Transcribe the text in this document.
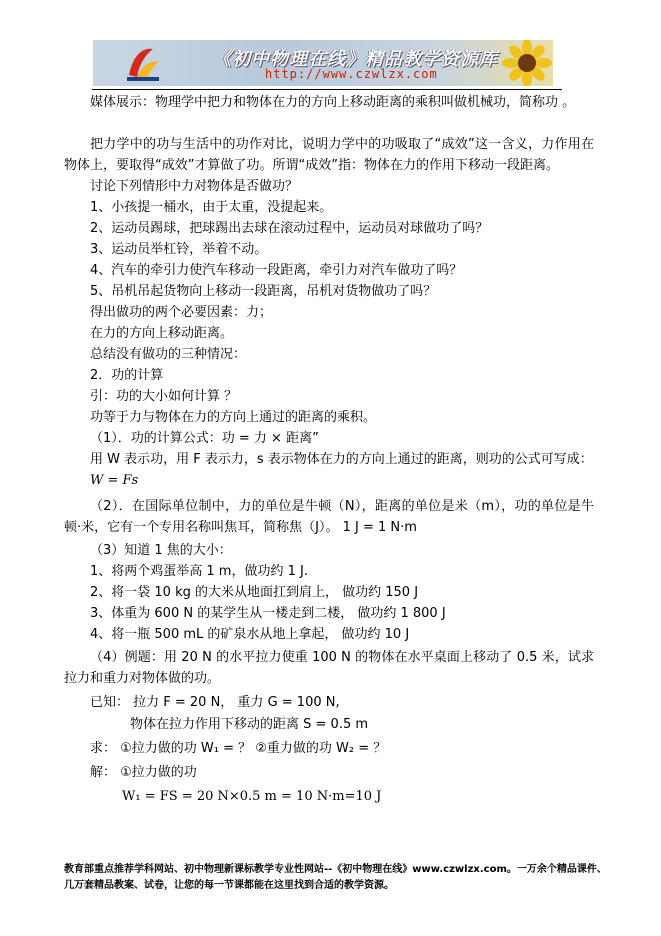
《初中物理在线》精品教学资源库
http://www.czwlzx.com

媒体展示：物理学中把力和物体在力的方向上移动距离的乘积叫做机械功，简称功 。

把力学中的功与生活中的功作对比，说明力学中的功吸取了“成效”这一含义，力作用在物体上，要取得“成效”才算做了功。所谓“成效”指：物体在力的作用下移动一段距离。

讨论下列情形中力对物体是否做功？

1、小孩提一桶水，由于太重，没提起来。

2、运动员踢球，把球踢出去球在滚动过程中，运动员对球做功了吗？

3、运动员举杠铃，举着不动。

4、汽车的牵引力使汽车移动一段距离，牵引力对汽车做功了吗？

5、吊机吊起货物向上移动一段距离，吊机对货物做功了吗？

得出做功的两个必要因素：力；

在力的方向上移动距离。

总结没有做功的三种情况：

2．功的计算

引：功的大小如何计算 ？

功等于力与物体在力的方向上通过的距离的乘积。

（1）．功的计算公式：功 = 力 × 距离”

用 W 表示功，用 F 表示力，s 表示物体在力的方向上通过的距离，则功的公式可写成：

W = Fs

（2）．在国际单位制中，力的单位是牛顿（N），距离的单位是米（m），功的单位是牛顿·米，它有一个专用名称叫焦耳，简称焦（J）。 1 J = 1 N·m

（3）知道 1 焦的大小：

1、将两个鸡蛋举高 1 m，做功约 1 J.

2、将一袋 10 kg 的大米从地面扛到肩上， 做功约 150 J

3、体重为 600 N 的某学生从一楼走到二楼， 做功约 1 800 J

4、将一瓶 500 mL 的矿泉水从地上拿起， 做功约 10 J

（4）例题：用 20 N 的水平拉力使重 100 N 的物体在水平桌面上移动了 0.5 米，试求拉力和重力对物体做的功。

已知： 拉力 F = 20 N， 重力 G = 100 N,

物体在拉力作用下移动的距离 S = 0.5 m

求： ①拉力做的功 W₁ = ？ ②重力做的功 W₂ = ？

解： ①拉力做的功

W₁ = FS = 20 N×0.5 m = 10 N·m=10 J

教育部重点推荐学科网站、初中物理新课标教学专业性网站--《初中物理在线》www.czwlzx.com。一万余个精品课件、
几万套精品教案、试卷，让您的每一节课都能在这里找到合适的教学资源。
